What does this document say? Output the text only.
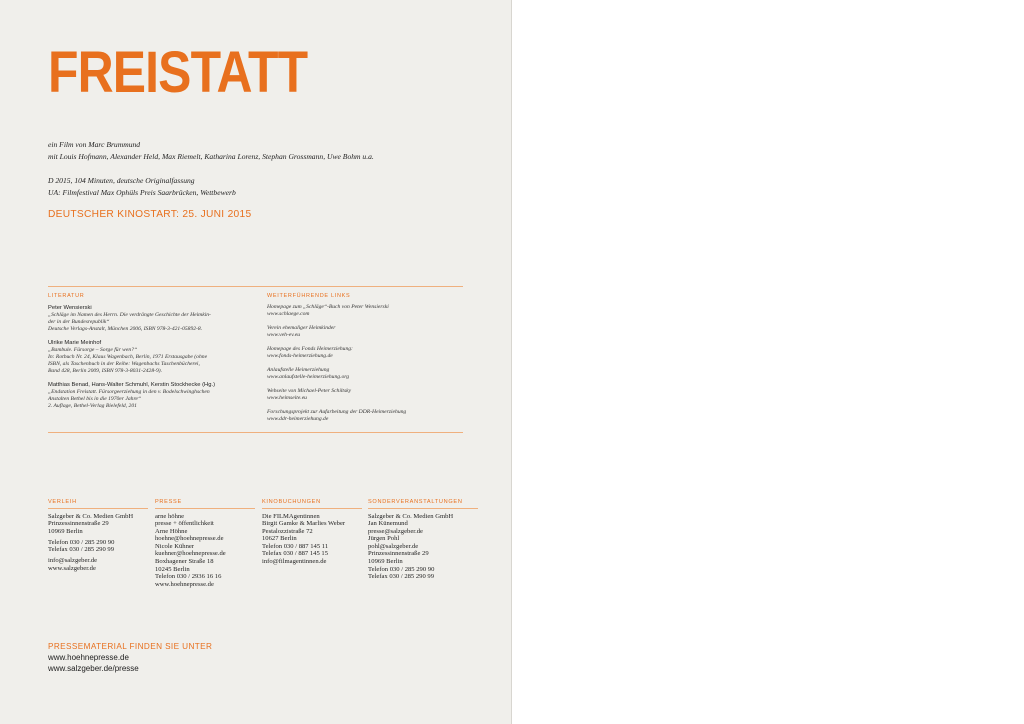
FREISTATT

ein Film von Marc Brummund

mit Louis Hofmann, Alexander Held, Max Riemelt, Katharina Lorenz, Stephan Grossmann, Uwe Bohm u.a.

D 2015, 104 Minuten, deutsche Originalfassung

UA: Filmfestival Max Ophüls Preis Saarbrücken, Wettbewerb

DEUTSCHER KINOSTART: 25. JUNI 2015
LITERATUR
Peter Wensierski
„Schläge im Namen des Herrn. Die verdrängte Geschichte der Heimkin-
der in der Bundesrepublik“
Deutsche Verlags-Anstalt, München 2006, ISBN 978-3-421-05892-8.
Ulrike Marie Meinhof
„Bambule. Fürsorge – Sorge für wen?“
In: Rotbuch Nr. 24, Klaus Wagenbach, Berlin, 1971 Erstausgabe (ohne
ISBN, als Taschenbuch in der Reihe: Wagenbachs Taschenbücherei,
Band 428, Berlin 2009, ISBN 978-3-8031-2428-9).
Matthias Benad, Hans-Walter Schmuhl, Kerstin Stockhecke (Hg.)
„Endstation Freistatt. Fürsorgeerziehung in den v. Bodelschwinghschen
Anstalten Bethel bis in die 1970er Jahre“
2. Auflage, Bethel-Verlag Bielefeld, 201
WEITERFÜHRENDE LINKS
Homepage zum „Schläge“-Buch von Peter Wensierski
www.schlaege.com
Verein ehemaliger Heimkinder
www.veh-ev.eu
Homepage des Fonds Heimerziehung:
www.fonds-heimerziehung.de
Anlaufstelle Heimerziehung
www.anlaufstelle-heimerziehung.org
Webseite von Michael-Peter Schiltsky
www.heimseite.eu
Forschungsprojekt zur Aufarbeitung der DDR-Heimerziehung
www.ddr-heimerziehung.de
VERLEIH
Salzgeber & Co. Medien GmbH
Prinzessinnenstraße 29
10969 Berlin
Telefon 030 / 285 290 90
Telefax 030 / 285 290 99
info@salzgeber.de
www.salzgeber.de
PRESSE
arne höhne
presse + öffentlichkeit
Arne Höhne
hoehne@hoehnepresse.de
Nicole Kühner
kuehner@hoehnepresse.de
Boxhagener Straße 18
10245 Berlin
Telefon 030 / 2936 16 16
www.hoehnepresse.de
KINOBUCHUNGEN
Die FILMAgentinnen
Birgit Gamke & Marlies Weber
Pestalozzistraße 72
10627 Berlin
Telefon 030 / 887 145 11
Telefax 030 / 887 145 15
info@filmagentinnen.de
SONDERVERANSTALTUNGEN
Salzgeber & Co. Medien GmbH
Jan Künemund
presse@salzgeber.de
Jürgen Pohl
pohl@salzgeber.de
Prinzessinnenstraße 29
10969 Berlin
Telefon 030 / 285 290 90
Telefax 030 / 285 290 99
PRESSEMATERIAL FINDEN SIE UNTER
www.hoehnepresse.de
www.salzgeber.de/presse
